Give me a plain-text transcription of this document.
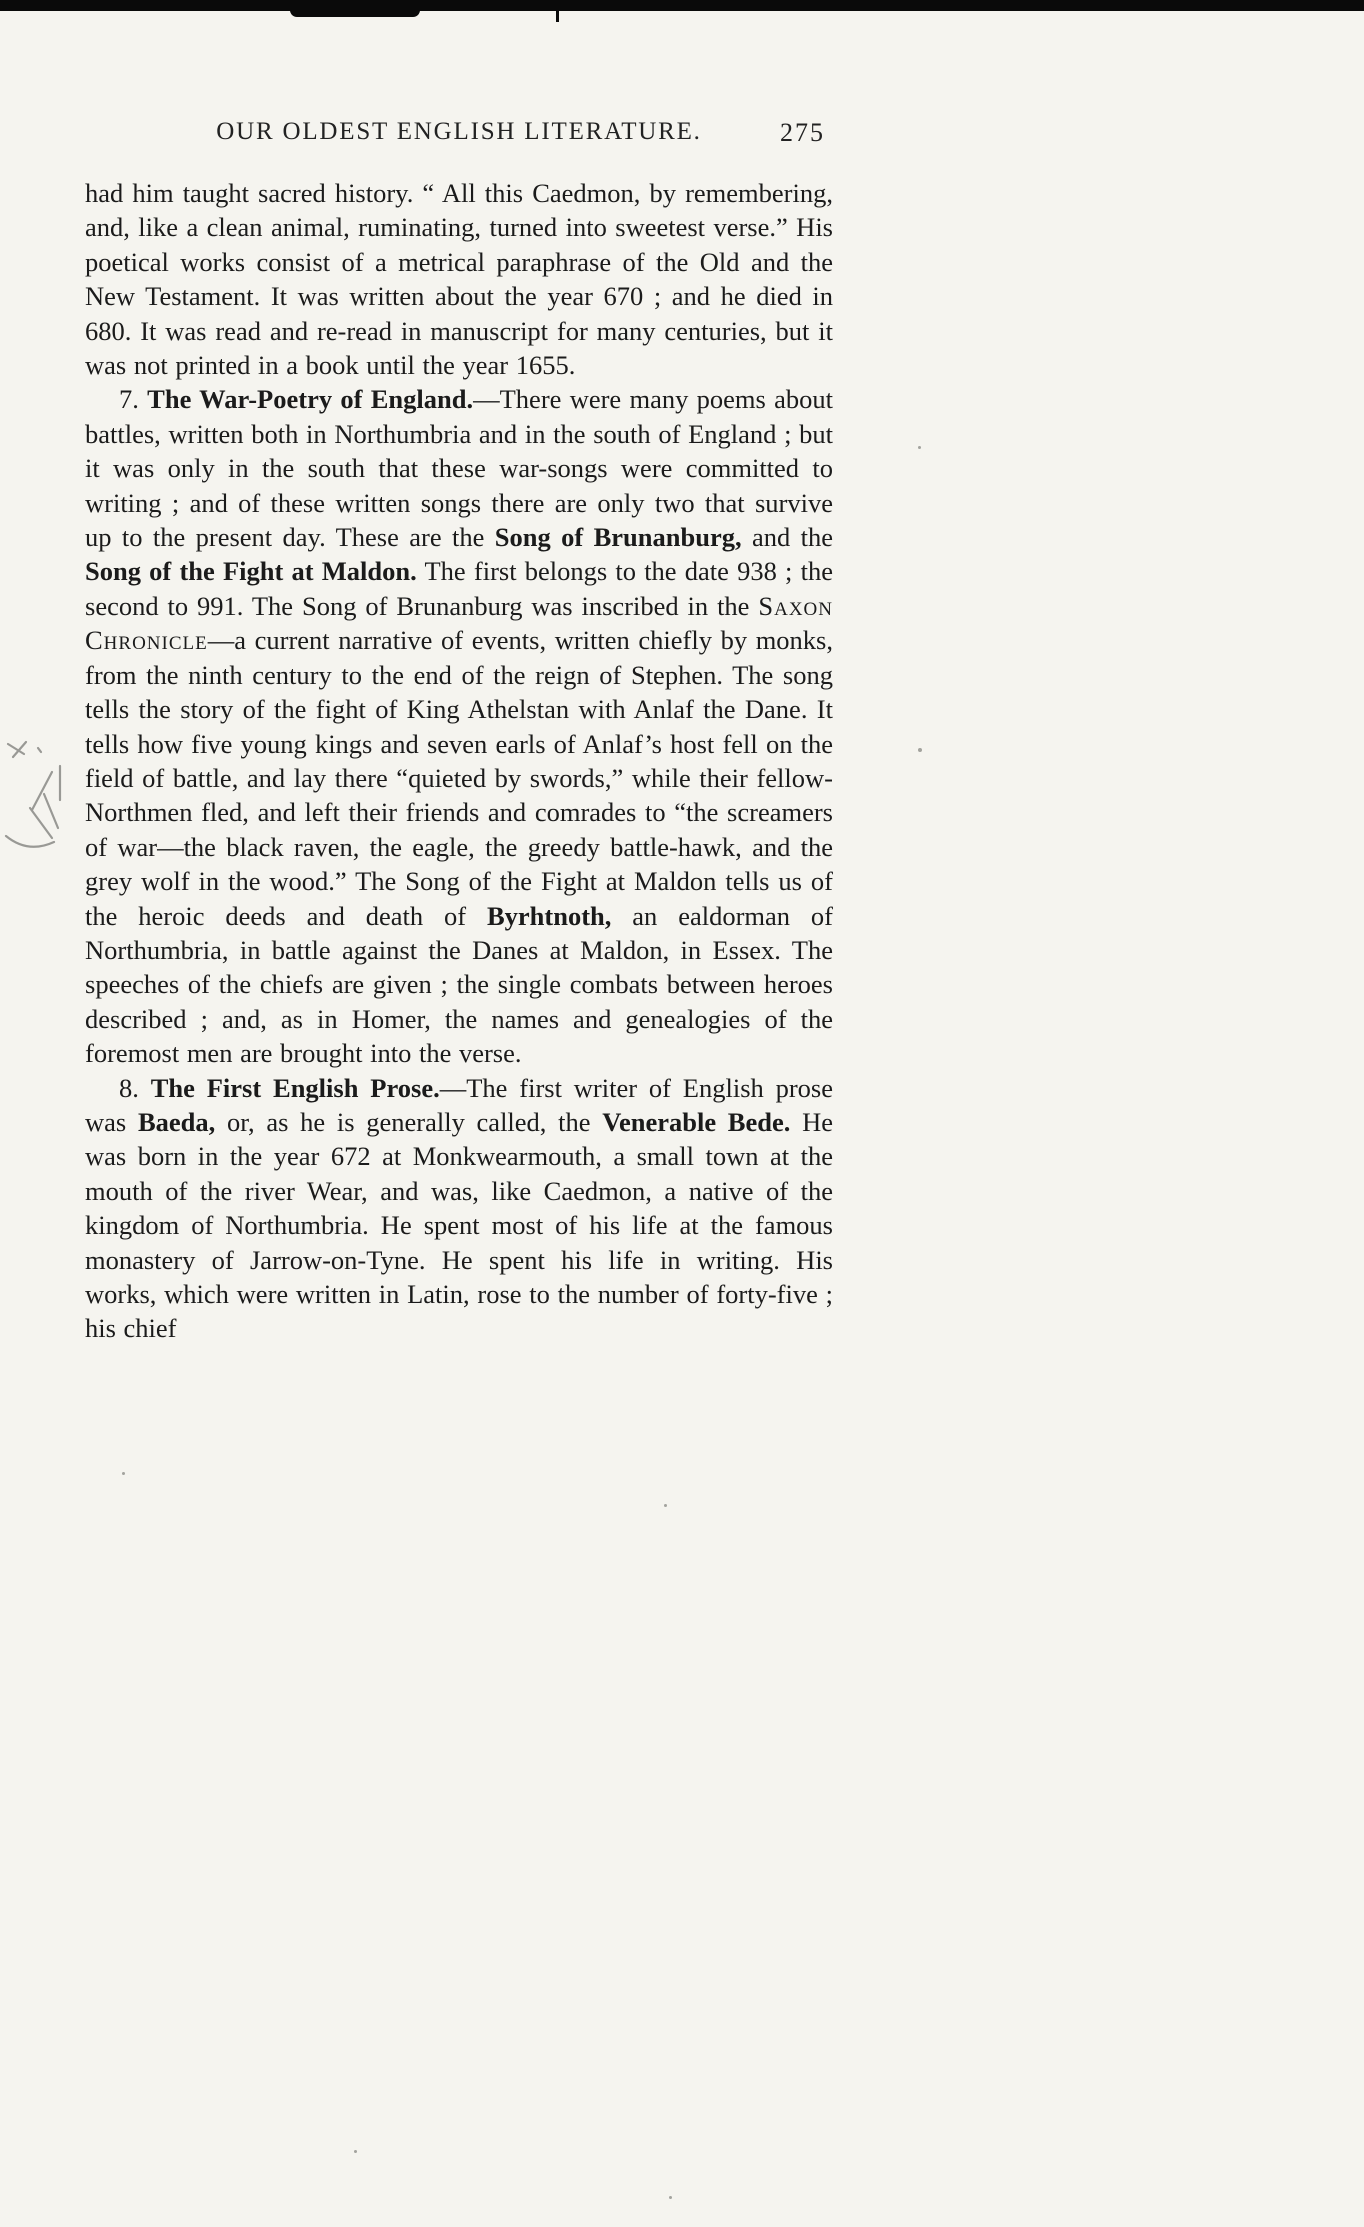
OUR OLDEST ENGLISH LITERATURE.	275

had him taught sacred history. “ All this Caedmon, by remembering, and, like a clean animal, ruminating, turned into sweetest verse.” His poetical works consist of a metrical paraphrase of the Old and the New Testament. It was written about the year 670 ; and he died in 680. It was read and re-read in manuscript for many centuries, but it was not printed in a book until the year 1655.

7. The War-Poetry of England.—There were many poems about battles, written both in Northumbria and in the south of England ; but it was only in the south that these war-songs were committed to writing ; and of these written songs there are only two that survive up to the present day. These are the Song of Brunanburg, and the Song of the Fight at Maldon. The first belongs to the date 938 ; the second to 991. The Song of Brunanburg was inscribed in the Saxon Chronicle—a current narrative of events, written chiefly by monks, from the ninth century to the end of the reign of Stephen. The song tells the story of the fight of King Athelstan with Anlaf the Dane. It tells how five young kings and seven earls of Anlaf’s host fell on the field of battle, and lay there “quieted by swords,” while their fellow-Northmen fled, and left their friends and comrades to “the screamers of war—the black raven, the eagle, the greedy battle-hawk, and the grey wolf in the wood.” The Song of the Fight at Maldon tells us of the heroic deeds and death of Byrhtnoth, an ealdorman of Northumbria, in battle against the Danes at Maldon, in Essex. The speeches of the chiefs are given ; the single combats between heroes described ; and, as in Homer, the names and genealogies of the foremost men are brought into the verse.

8. The First English Prose.—The first writer of English prose was Baeda, or, as he is generally called, the Venerable Bede. He was born in the year 672 at Monkwearmouth, a small town at the mouth of the river Wear, and was, like Caedmon, a native of the kingdom of Northumbria. He spent most of his life at the famous monastery of Jarrow-on-Tyne. He spent his life in writing. His works, which were written in Latin, rose to the number of forty-five ; his chief
